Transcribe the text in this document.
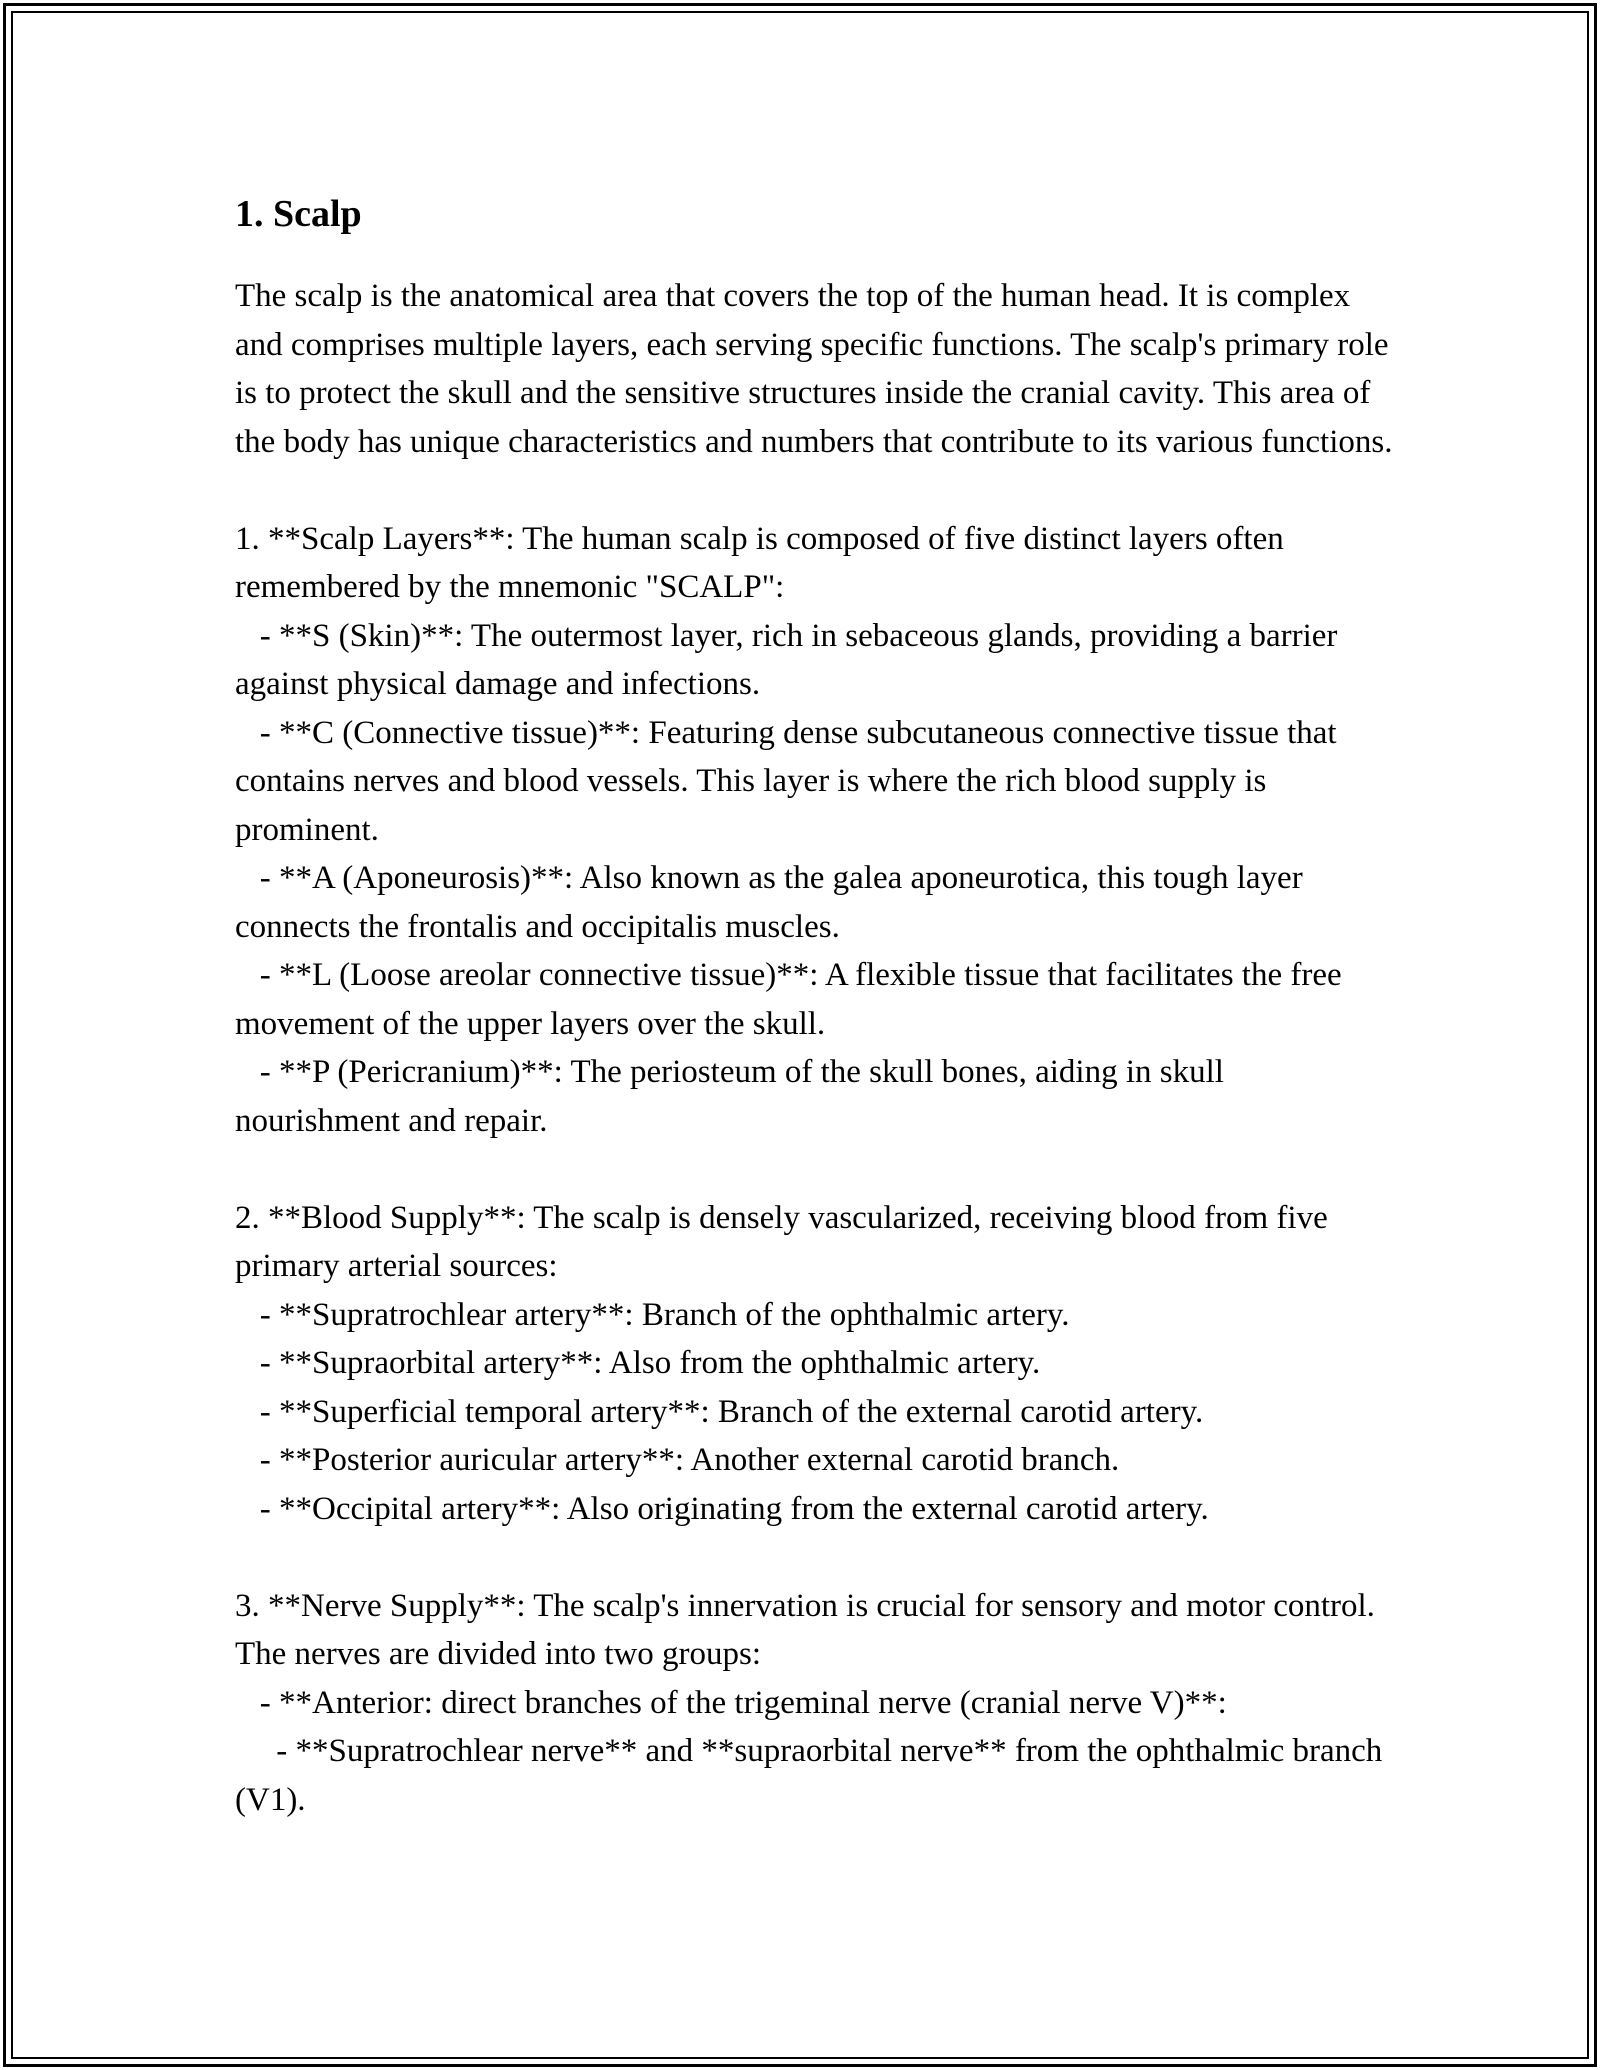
1. Scalp

The scalp is the anatomical area that covers the top of the human head. It is complex and comprises multiple layers, each serving specific functions. The scalp's primary role is to protect the skull and the sensitive structures inside the cranial cavity. This area of the body has unique characteristics and numbers that contribute to its various functions.

1. **Scalp Layers**: The human scalp is composed of five distinct layers often remembered by the mnemonic "SCALP":

- **S (Skin)**: The outermost layer, rich in sebaceous glands, providing a barrier against physical damage and infections.

- **C (Connective tissue)**: Featuring dense subcutaneous connective tissue that contains nerves and blood vessels. This layer is where the rich blood supply is prominent.

- **A (Aponeurosis)**: Also known as the galea aponeurotica, this tough layer connects the frontalis and occipitalis muscles.

- **L (Loose areolar connective tissue)**: A flexible tissue that facilitates the free movement of the upper layers over the skull.

- **P (Pericranium)**: The periosteum of the skull bones, aiding in skull nourishment and repair.

2. **Blood Supply**: The scalp is densely vascularized, receiving blood from five primary arterial sources:

- **Supratrochlear artery**: Branch of the ophthalmic artery.

- **Supraorbital artery**: Also from the ophthalmic artery.

- **Superficial temporal artery**: Branch of the external carotid artery.

- **Posterior auricular artery**: Another external carotid branch.

- **Occipital artery**: Also originating from the external carotid artery.

3. **Nerve Supply**: The scalp's innervation is crucial for sensory and motor control. The nerves are divided into two groups:

- **Anterior: direct branches of the trigeminal nerve (cranial nerve V)**:

- **Supratrochlear nerve** and **supraorbital nerve** from the ophthalmic branch (V1).
